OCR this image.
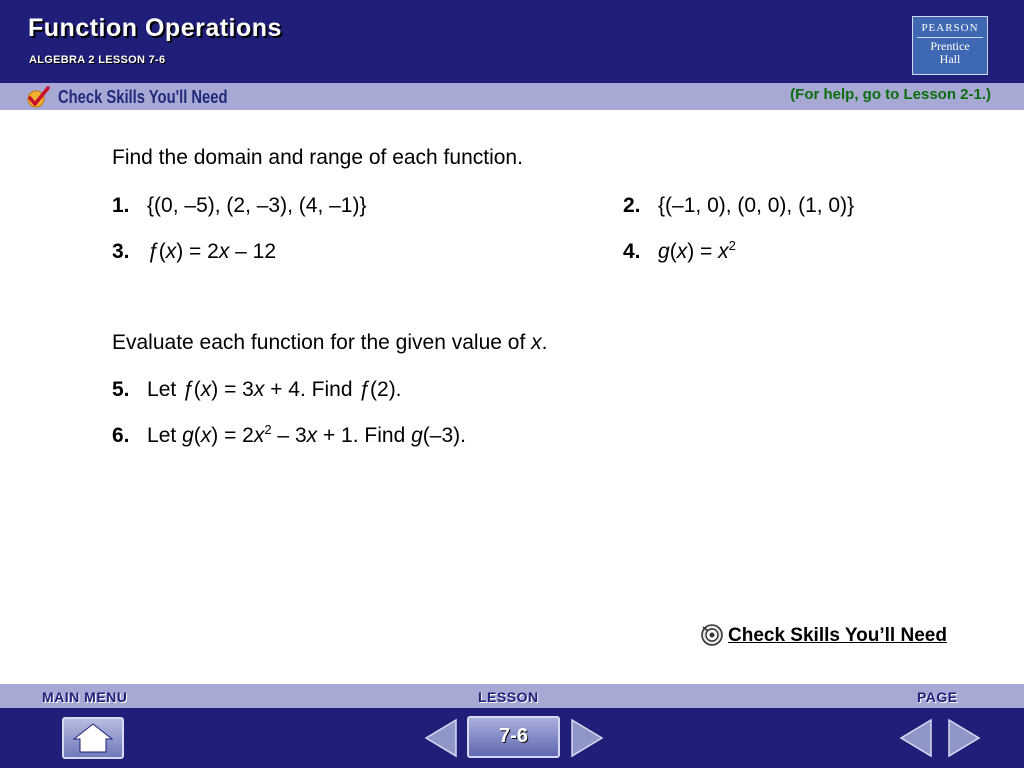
Function Operations
ALGEBRA 2 LESSON 7-6
PEARSON
Prentice
Hall
Check Skills You'll Need	(For help, go to Lesson 2-1.)
Find the domain and range of each function.
1. {(0, –5), (2, –3), (4, –1)}	2. {(–1, 0), (0, 0), (1, 0)}
3. ƒ(x) = 2x – 12	4. $g(x) = x^2$
Evaluate each function for the given value of x.
5. Let ƒ(x) = 3x + 4. Find ƒ(2).
6. Let $g(x) = 2x^2 - 3x + 1$. Find g(–3).
Check Skills You’ll Need
MAIN MENU	LESSON	PAGE
7-6
